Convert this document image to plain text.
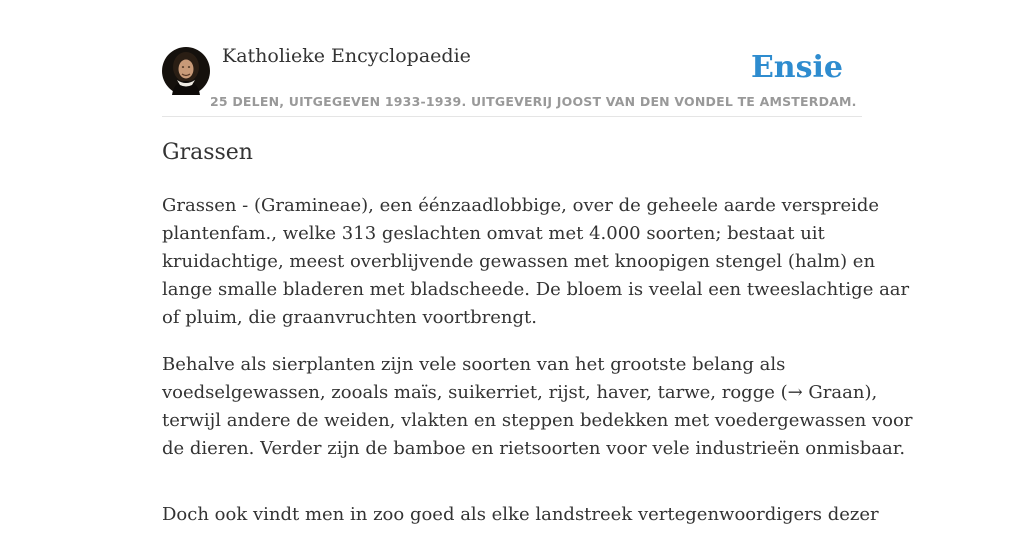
Katholieke Encyclopaedie
25 DELEN, UITGEGEVEN 1933-1939. UITGEVERIJ JOOST VAN DEN VONDEL TE AMSTERDAM.
Ensie
Grassen

Grassen - (Gramineae), een éénzaadlobbige, over de geheele aarde verspreide
plantenfam., welke 313 geslachten omvat met 4.000 soorten; bestaat uit
kruidachtige, meest overblijvende gewassen met knoopigen stengel (halm) en
lange smalle bladeren met bladscheede. De bloem is veelal een tweeslachtige aar
of pluim, die graanvruchten voortbrengt.

Behalve als sierplanten zijn vele soorten van het grootste belang als
voedselgewassen, zooals maïs, suikerriet, rijst, haver, tarwe, rogge (→ Graan),
terwijl andere de weiden, vlakten en steppen bedekken met voedergewassen voor
de dieren. Verder zijn de bamboe en rietsoorten voor vele industrieën onmisbaar.

Doch ook vindt men in zoo goed als elke landstreek vertegenwoordigers dezer
